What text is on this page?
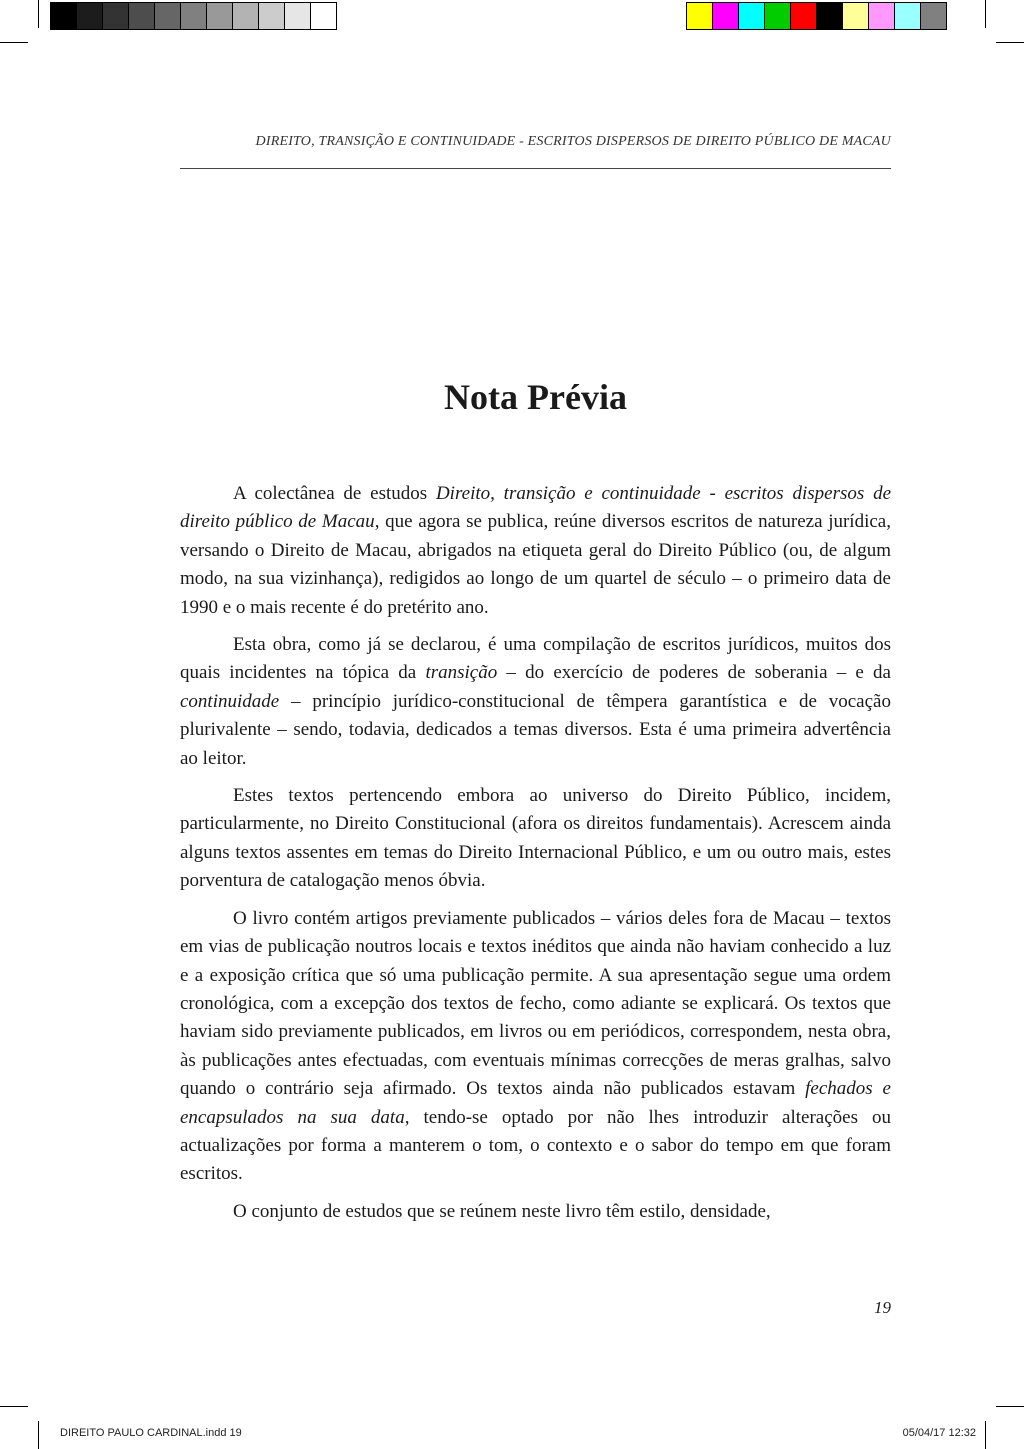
DIREITO, TRANSIÇÃO E CONTINUIDADE - ESCRITOS DISPERSOS DE DIREITO PÚBLICO DE MACAU
Nota Prévia

A colectânea de estudos Direito, transição e continuidade - escritos dispersos de direito público de Macau, que agora se publica, reúne diversos escritos de natureza jurídica, versando o Direito de Macau, abrigados na etiqueta geral do Direito Público (ou, de algum modo, na sua vizinhança), redigidos ao longo de um quartel de século – o primeiro data de 1990 e o mais recente é do pretérito ano.

Esta obra, como já se declarou, é uma compilação de escritos jurídicos, muitos dos quais incidentes na tópica da transição – do exercício de poderes de soberania – e da continuidade – princípio jurídico-constitucional de têmpera garantística e de vocação plurivalente – sendo, todavia, dedicados a temas diversos. Esta é uma primeira advertência ao leitor.

Estes textos pertencendo embora ao universo do Direito Público, incidem, particularmente, no Direito Constitucional (afora os direitos fundamentais). Acrescem ainda alguns textos assentes em temas do Direito Internacional Público, e um ou outro mais, estes porventura de catalogação menos óbvia.

O livro contém artigos previamente publicados – vários deles fora de Macau – textos em vias de publicação noutros locais e textos inéditos que ainda não haviam conhecido a luz e a exposição crítica que só uma publicação permite. A sua apresentação segue uma ordem cronológica, com a excepção dos textos de fecho, como adiante se explicará. Os textos que haviam sido previamente publicados, em livros ou em periódicos, correspondem, nesta obra, às publicações antes efectuadas, com eventuais mínimas correcções de meras gralhas, salvo quando o contrário seja afirmado. Os textos ainda não publicados estavam fechados e encapsulados na sua data, tendo-se optado por não lhes introduzir alterações ou actualizações por forma a manterem o tom, o contexto e o sabor do tempo em que foram escritos.

O conjunto de estudos que se reúnem neste livro têm estilo, densidade,

19
DIREITO PAULO CARDINAL.indd 19	05/04/17 12:32
